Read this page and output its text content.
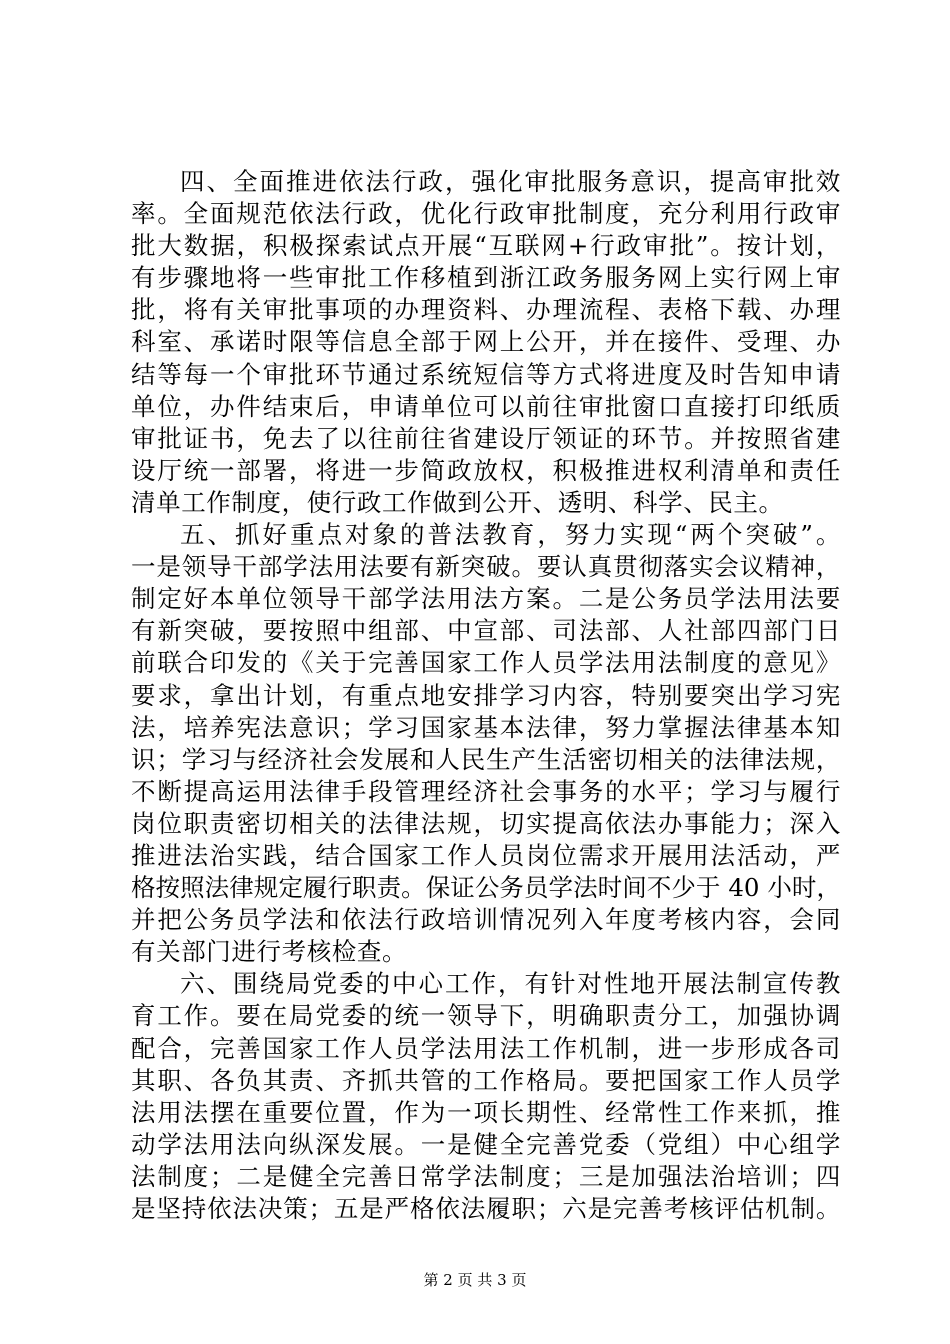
四、全面推进依法行政，强化审批服务意识，提高审批效
率。全面规范依法行政，优化行政审批制度，充分利用行政审
批大数据，积极探索试点开展“互联网+行政审批”。按计划，
有步骤地将一些审批工作移植到浙江政务服务网上实行网上审
批，将有关审批事项的办理资料、办理流程、表格下载、办理
科室、承诺时限等信息全部于网上公开，并在接件、受理、办
结等每一个审批环节通过系统短信等方式将进度及时告知申请
单位，办件结束后，申请单位可以前往审批窗口直接打印纸质
审批证书，免去了以往前往省建设厅领证的环节。并按照省建
设厅统一部署，将进一步简政放权，积极推进权利清单和责任
清单工作制度，使行政工作做到公开、透明、科学、民主。
五、抓好重点对象的普法教育，努力实现“两个突破”。
一是领导干部学法用法要有新突破。要认真贯彻落实会议精神，
制定好本单位领导干部学法用法方案。二是公务员学法用法要
有新突破，要按照中组部、中宣部、司法部、人社部四部门日
前联合印发的《关于完善国家工作人员学法用法制度的意见》
要求，拿出计划，有重点地安排学习内容，特别要突出学习宪
法，培养宪法意识；学习国家基本法律，努力掌握法律基本知
识；学习与经济社会发展和人民生产生活密切相关的法律法规，
不断提高运用法律手段管理经济社会事务的水平；学习与履行
岗位职责密切相关的法律法规，切实提高依法办事能力；深入
推进法治实践，结合国家工作人员岗位需求开展用法活动，严
格按照法律规定履行职责。保证公务员学法时间不少于 40 小时，
并把公务员学法和依法行政培训情况列入年度考核内容，会同
有关部门进行考核检查。
六、围绕局党委的中心工作，有针对性地开展法制宣传教
育工作。要在局党委的统一领导下，明确职责分工，加强协调
配合，完善国家工作人员学法用法工作机制，进一步形成各司
其职、各负其责、齐抓共管的工作格局。要把国家工作人员学
法用法摆在重要位置，作为一项长期性、经常性工作来抓，推
动学法用法向纵深发展。一是健全完善党委（党组）中心组学
法制度；二是健全完善日常学法制度；三是加强法治培训；四
是坚持依法决策；五是严格依法履职；六是完善考核评估机制。
第 2 页 共 3 页
